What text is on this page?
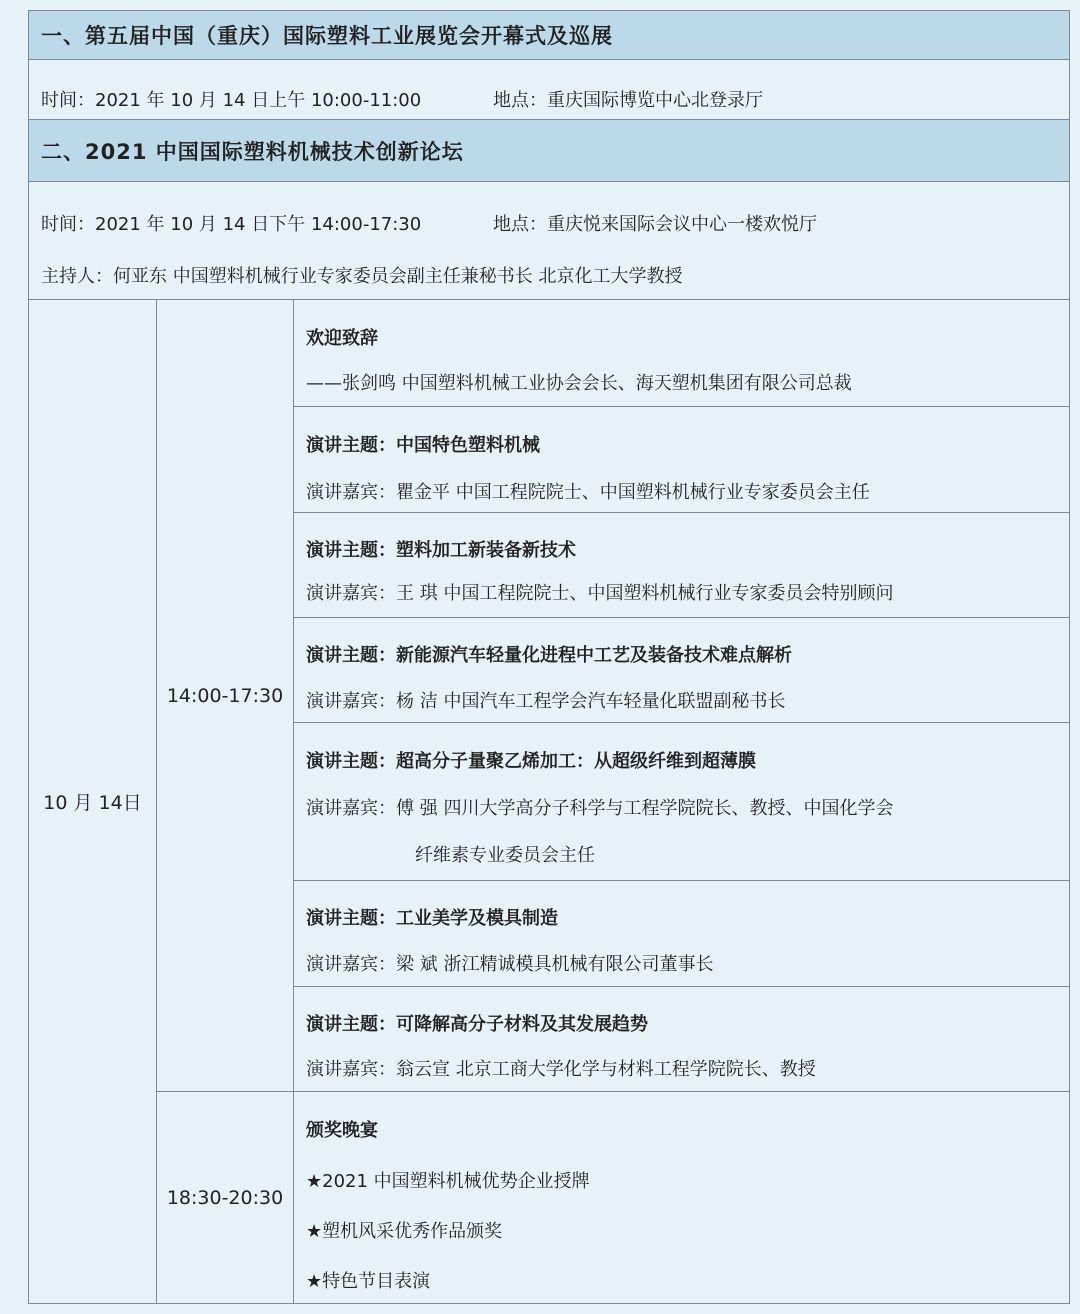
一、第五届中国（重庆）国际塑料工业展览会开幕式及巡展
时间：2021 年 10 月 14 日上午 10:00-11:00	地点：重庆国际博览中心北登录厅
二、2021 中国国际塑料机械技术创新论坛
时间：2021 年 10 月 14 日下午 14:00-17:30	地点：重庆悦来国际会议中心一楼欢悦厅
主持人：何亚东 中国塑料机械行业专家委员会副主任兼秘书长 北京化工大学教授
10 月 14日
14:00-17:30
欢迎致辞
——张剑鸣 中国塑料机械工业协会会长、海天塑机集团有限公司总裁
演讲主题：中国特色塑料机械
演讲嘉宾：瞿金平 中国工程院院士、中国塑料机械行业专家委员会主任
演讲主题：塑料加工新装备新技术
演讲嘉宾：王 琪 中国工程院院士、中国塑料机械行业专家委员会特别顾问
演讲主题：新能源汽车轻量化进程中工艺及装备技术难点解析
演讲嘉宾：杨 洁 中国汽车工程学会汽车轻量化联盟副秘书长
演讲主题：超高分子量聚乙烯加工：从超级纤维到超薄膜
演讲嘉宾：傅 强 四川大学高分子科学与工程学院院长、教授、中国化学会
纤维素专业委员会主任
演讲主题：工业美学及模具制造
演讲嘉宾：梁 斌 浙江精诚模具机械有限公司董事长
演讲主题：可降解高分子材料及其发展趋势
演讲嘉宾：翁云宣 北京工商大学化学与材料工程学院院长、教授
18:30-20:30
颁奖晚宴
★2021 中国塑料机械优势企业授牌
★塑机风采优秀作品颁奖
★特色节目表演
